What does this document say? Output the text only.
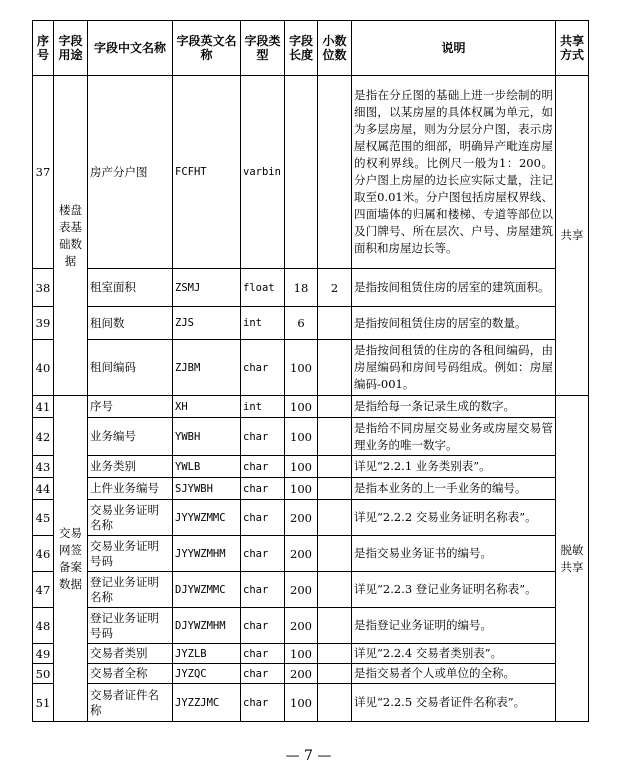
序号	字段用途	字段中文名称	字段英文名称	字段类型	字段长度	小数位数	说明	共享方式
37	楼盘表基础数据	房产分户图	FCFHT	varbin			是指在分丘图的基础上进一步绘制的明细图，以某房屋的具体权属为单元，如为多层房屋，则为分层分户图，表示房屋权属范围的细部，明确异产毗连房屋的权利界线。比例尺一般为1：200。分户图上房屋的边长应实际丈量，注记取至0.01米。分户图包括房屋权界线、四面墙体的归属和楼梯、专道等部位以及门牌号、所在层次、户号、房屋建筑面积和房屋边长等。	共享
38		租室面积	ZSMJ	float	18	2	是指按间租赁住房的居室的建筑面积。	
39		租间数	ZJS	int	6		是指按间租赁住房的居室的数量。	
40		租间编码	ZJBM	char	100		是指按间租赁的住房的各租间编码，由房屋编码和房间号码组成。例如：房屋编码-001。	
41	交易网签备案数据	序号	XH	int	100		是指给每一条记录生成的数字。	脱敏共享
42		业务编号	YWBH	char	100		是指给不同房屋交易业务或房屋交易管理业务的唯一数字。	
43		业务类别	YWLB	char	100		详见“2.2.1 业务类别表”。	
44		上件业务编号	SJYWBH	char	100		是指本业务的上一手业务的编号。	
45		交易业务证明名称	JYYWZMMC	char	200		详见“2.2.2 交易业务证明名称表”。	
46		交易业务证明号码	JYYWZMHM	char	200		是指交易业务证书的编号。	
47		登记业务证明名称	DJYWZMMC	char	200		详见“2.2.3 登记业务证明名称表”。	
48		登记业务证明号码	DJYWZMHM	char	200		是指登记业务证明的编号。	
49		交易者类别	JYZLB	char	100		详见“2.2.4 交易者类别表”。	
50		交易者全称	JYZQC	char	200		是指交易者个人或单位的全称。	
51		交易者证件名称	JYZZJMC	char	100		详见“2.2.5 交易者证件名称表”。	
— 7 —
